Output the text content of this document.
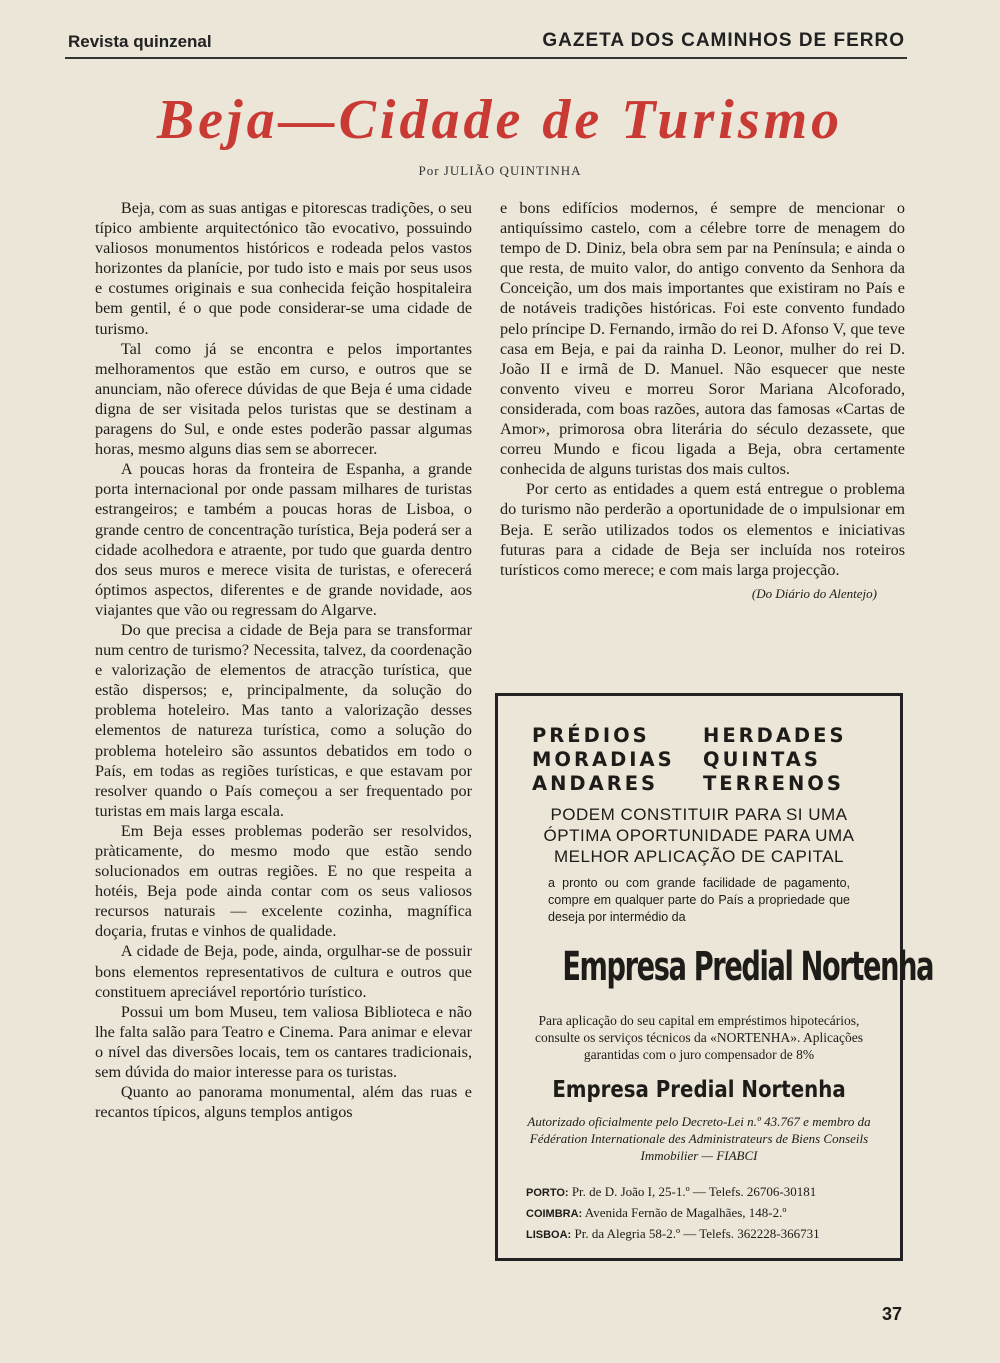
Revista quinzenal	GAZETA DOS CAMINHOS DE FERRO
Beja—Cidade de Turismo
Por JULIÃO QUINTINHA

Beja, com as suas antigas e pitorescas tradições, o seu típico ambiente arquitectónico tão evocativo, possuindo valiosos monumentos históricos e rodeada pelos vastos horizontes da planície, por tudo isto e mais por seus usos e costumes originais e sua conhecida feição hospitaleira bem gentil, é o que pode considerar-se uma cidade de turismo.

Tal como já se encontra e pelos importantes melhoramentos que estão em curso, e outros que se anunciam, não oferece dúvidas de que Beja é uma cidade digna de ser visitada pelos turistas que se destinam a paragens do Sul, e onde estes poderão passar algumas horas, mesmo alguns dias sem se aborrecer.

A poucas horas da fronteira de Espanha, a grande porta internacional por onde passam milhares de turistas estrangeiros; e também a poucas horas de Lisboa, o grande centro de concentração turística, Beja poderá ser a cidade acolhedora e atraente, por tudo que guarda dentro dos seus muros e merece visita de turistas, e oferecerá óptimos aspectos, diferentes e de grande novidade, aos viajantes que vão ou regressam do Algarve.

Do que precisa a cidade de Beja para se transformar num centro de turismo? Necessita, talvez, da coordenação e valorização de elementos de atracção turística, que estão dispersos; e, principalmente, da solução do problema hoteleiro. Mas tanto a valorização desses elementos de natureza turística, como a solução do problema hoteleiro são assuntos debatidos em todo o País, em todas as regiões turísticas, e que estavam por resolver quando o País começou a ser frequentado por turistas em mais larga escala.

Em Beja esses problemas poderão ser resolvidos, pràticamente, do mesmo modo que estão sendo solucionados em outras regiões. E no que respeita a hotéis, Beja pode ainda contar com os seus valiosos recursos naturais — excelente cozinha, magnífica doçaria, frutas e vinhos de qualidade.

A cidade de Beja, pode, ainda, orgulhar-se de possuir bons elementos representativos de cultura e outros que constituem apreciável reportório turístico.

Possui um bom Museu, tem valiosa Biblioteca e não lhe falta salão para Teatro e Cinema. Para animar e elevar o nível das diversões locais, tem os cantares tradicionais, sem dúvida do maior interesse para os turistas.

Quanto ao panorama monumental, além das ruas e recantos típicos, alguns templos antigos

e bons edifícios modernos, é sempre de mencionar o antiquíssimo castelo, com a célebre torre de menagem do tempo de D. Diniz, bela obra sem par na Península; e ainda o que resta, de muito valor, do antigo convento da Senhora da Conceição, um dos mais importantes que existiram no País e de notáveis tradições históricas. Foi este convento fundado pelo príncipe D. Fernando, irmão do rei D. Afonso V, que teve casa em Beja, e pai da rainha D. Leonor, mulher do rei D. João II e irmã de D. Manuel. Não esquecer que neste convento viveu e morreu Soror Mariana Alcoforado, considerada, com boas razões, autora das famosas «Cartas de Amor», primorosa obra literária do século dezassete, que correu Mundo e ficou ligada a Beja, obra certamente conhecida de alguns turistas dos mais cultos.

Por certo as entidades a quem está entregue o problema do turismo não perderão a oportunidade de o impulsionar em Beja. E serão utilizados todos os elementos e iniciativas futuras para a cidade de Beja ser incluída nos roteiros turísticos como merece; e com mais larga projecção.

(Do Diário do Alentejo)
PRÉDIOS	HERDADES
MORADIAS	QUINTAS
ANDARES	TERRENOS
PODEM CONSTITUIR PARA SI UMA
ÓPTIMA OPORTUNIDADE PARA UMA
MELHOR APLICAÇÃO DE CAPITAL
a pronto ou com grande facilidade de pagamento, compre em qualquer parte do País a propriedade que deseja por intermédio da
Empresa Predial Nortenha
Para aplicação do seu capital em empréstimos hipotecários, consulte os serviços técnicos da «NORTENHA». Aplicações garantidas com o juro compensador de 8%
Empresa Predial Nortenha
Autorizado oficialmente pelo Decreto-Lei n.º 43.767 e membro da Fédération Internationale des Administrateurs de Biens Conseils Immobilier — FIABCI
PORTO: Pr. de D. João I, 25-1.º — Telefs. 26706-30181
COIMBRA: Avenida Fernão de Magalhães, 148-2.º
LISBOA: Pr. da Alegria 58-2.º — Telefs. 362228-366731
37
